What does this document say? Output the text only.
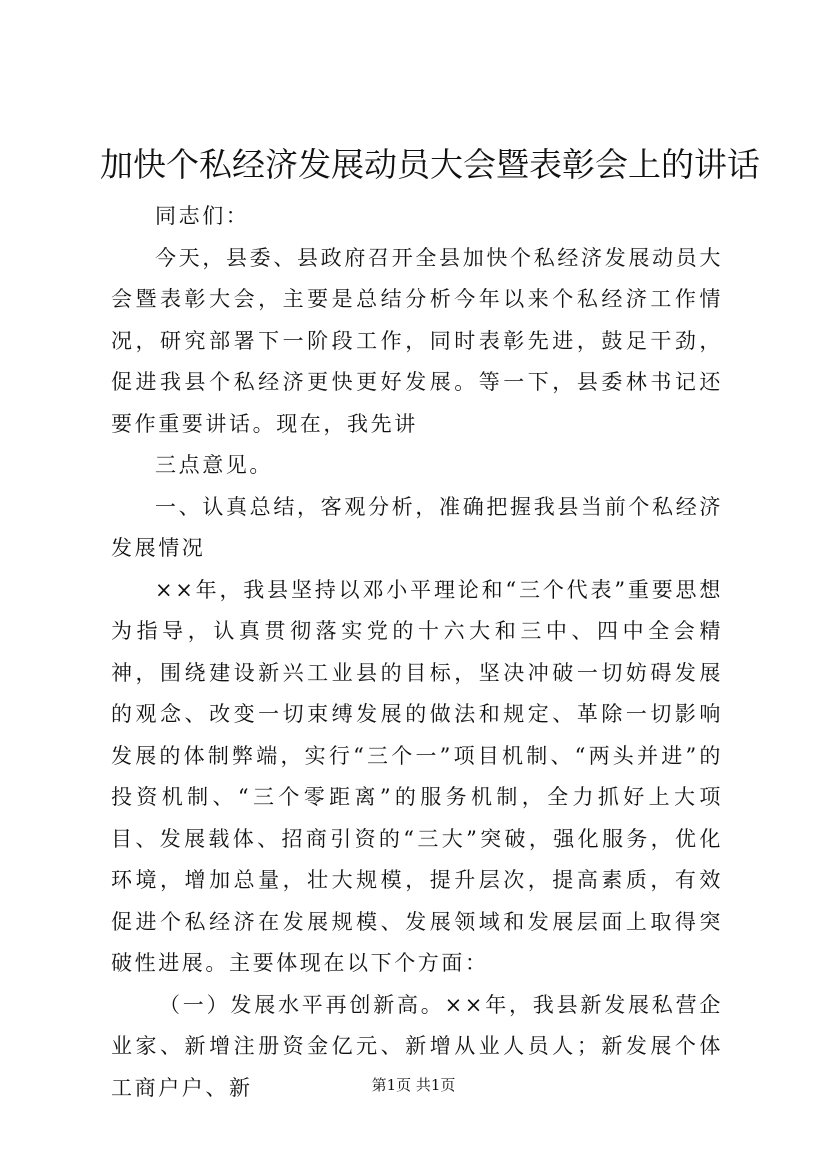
加快个私经济发展动员大会暨表彰会上的讲话

同志们：

今天，县委、县政府召开全县加快个私经济发展动员大会暨表彰大会，主要是总结分析今年以来个私经济工作情况，研究部署下一阶段工作，同时表彰先进，鼓足干劲，促进我县个私经济更快更好发展。等一下，县委林书记还要作重要讲话。现在，我先讲

三点意见。

一、认真总结，客观分析，准确把握我县当前个私经济发展情况

××年，我县坚持以邓小平理论和“三个代表”重要思想为指导，认真贯彻落实党的十六大和三中、四中全会精神，围绕建设新兴工业县的目标，坚决冲破一切妨碍发展的观念、改变一切束缚发展的做法和规定、革除一切影响发展的体制弊端，实行“三个一”项目机制、“两头并进”的投资机制、“三个零距离”的服务机制，全力抓好上大项目、发展载体、招商引资的“三大”突破，强化服务，优化环境，增加总量，壮大规模，提升层次，提高素质，有效促进个私经济在发展规模、发展领域和发展层面上取得突破性进展。主要体现在以下个方面：

（一）发展水平再创新高。××年，我县新发展私营企业家、新增注册资金亿元、新增从业人员人；新发展个体工商户户、新	第1页 共1页
